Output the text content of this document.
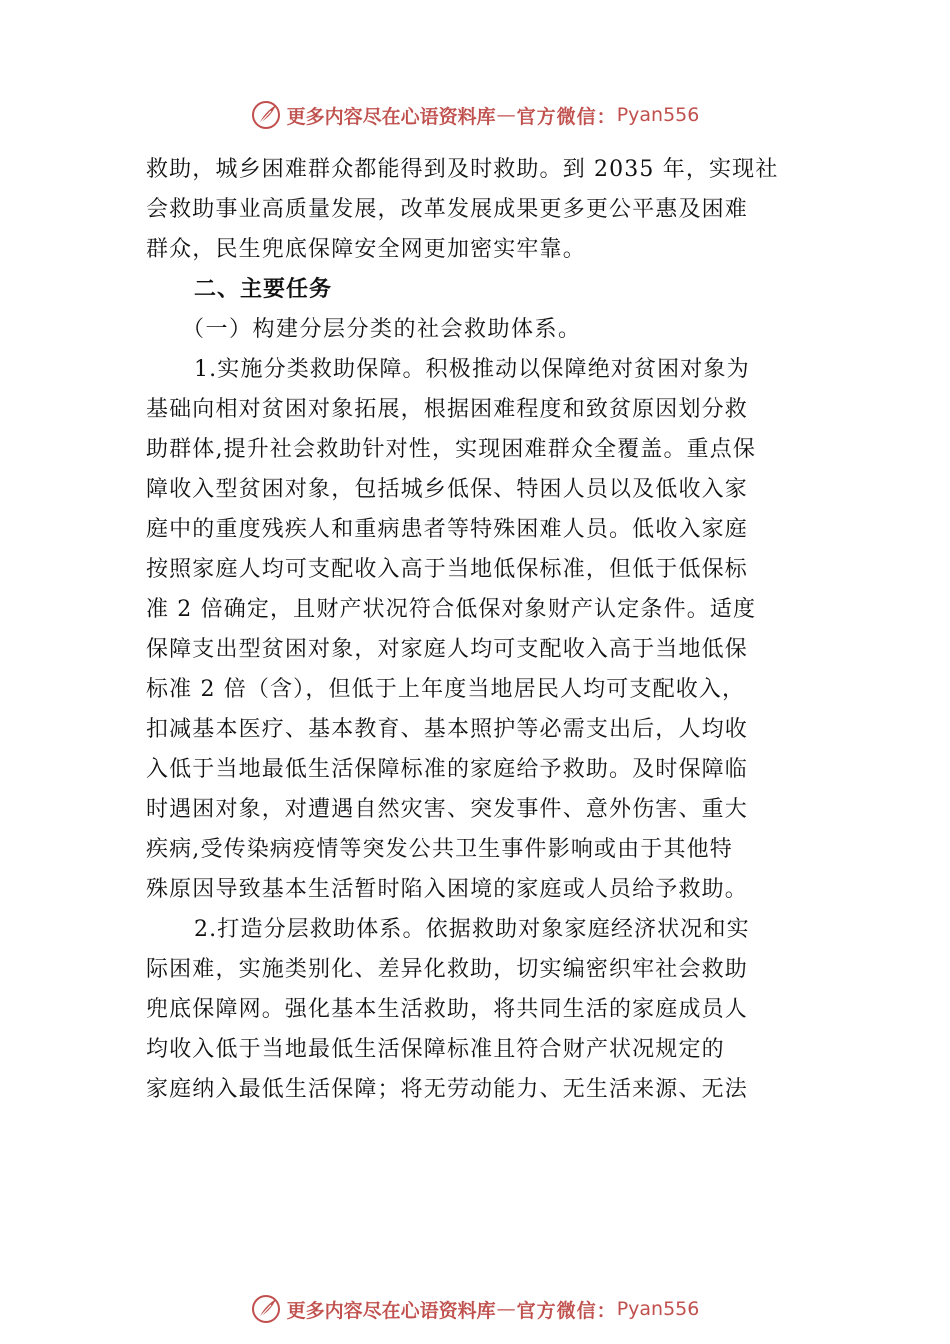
更多内容尽在心语资料库 — 官方微信： Pyan556
救助，城乡困难群众都能得到及时救助。到 2035 年，实现社
会救助事业高质量发展，改革发展成果更多更公平惠及困难
群众，民生兜底保障安全网更加密实牢靠。
二、主要任务
（一）构建分层分类的社会救助体系。
1.实施分类救助保障。积极推动以保障绝对贫困对象为
基础向相对贫困对象拓展，根据困难程度和致贫原因划分救
助群体,提升社会救助针对性，实现困难群众全覆盖。重点保
障收入型贫困对象，包括城乡低保、特困人员以及低收入家
庭中的重度残疾人和重病患者等特殊困难人员。低收入家庭
按照家庭人均可支配收入高于当地低保标准，但低于低保标
准 2 倍确定，且财产状况符合低保对象财产认定条件。适度
保障支出型贫困对象，对家庭人均可支配收入高于当地低保
标准 2 倍（含），但低于上年度当地居民人均可支配收入，
扣减基本医疗、基本教育、基本照护等必需支出后，人均收
入低于当地最低生活保障标准的家庭给予救助。及时保障临
时遇困对象，对遭遇自然灾害、突发事件、意外伤害、重大
疾病,受传染病疫情等突发公共卫生事件影响或由于其他特
殊原因导致基本生活暂时陷入困境的家庭或人员给予救助。
2.打造分层救助体系。依据救助对象家庭经济状况和实
际困难，实施类别化、差异化救助，切实编密织牢社会救助
兜底保障网。强化基本生活救助，将共同生活的家庭成员人
均收入低于当地最低生活保障标准且符合财产状况规定的
家庭纳入最低生活保障；将无劳动能力、无生活来源、无法
更多内容尽在心语资料库 — 官方微信： Pyan556
